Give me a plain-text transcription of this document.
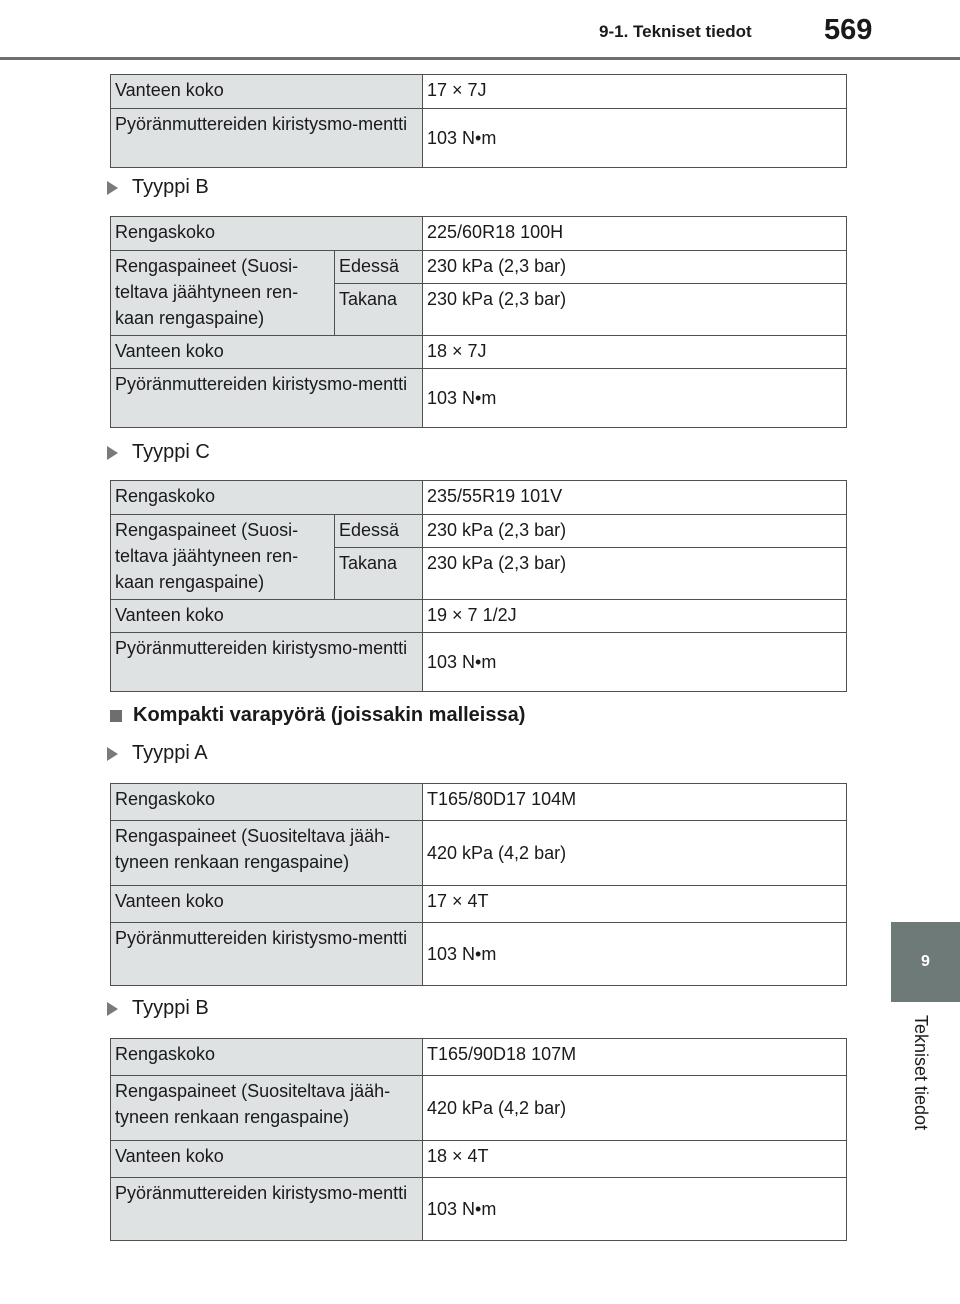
9-1. Tekniset tiedot 569
9
Tekniset tiedot
Vanteen koko	17 × 7J
Pyöränmuttereiden kiristysmo-mentti	103 N•m
Tyyppi B
Rengaskoko		225/60R18 100H
Rengaspaineet (Suosi-teltava jäähtyneen ren-kaan rengaspaine)	Edessä	230 kPa (2,3 bar)
	Takana	230 kPa (2,3 bar)
Vanteen koko		18 × 7J
Pyöränmuttereiden kiristysmo-mentti		103 N•m
Tyyppi C
Rengaskoko		235/55R19 101V
Rengaspaineet (Suosi-teltava jäähtyneen ren-kaan rengaspaine)	Edessä	230 kPa (2,3 bar)
	Takana	230 kPa (2,3 bar)
Vanteen koko		19 × 7 1/2J
Pyöränmuttereiden kiristysmo-mentti		103 N•m
Kompakti varapyörä (joissakin malleissa)
Tyyppi A
Rengaskoko	T165/80D17 104M
Rengaspaineet (Suositeltava jääh-tyneen renkaan rengaspaine)	420 kPa (4,2 bar)
Vanteen koko	17 × 4T
Pyöränmuttereiden kiristysmo-mentti	103 N•m
Tyyppi B
Rengaskoko	T165/90D18 107M
Rengaspaineet (Suositeltava jääh-tyneen renkaan rengaspaine)	420 kPa (4,2 bar)
Vanteen koko	18 × 4T
Pyöränmuttereiden kiristysmo-mentti	103 N•m
